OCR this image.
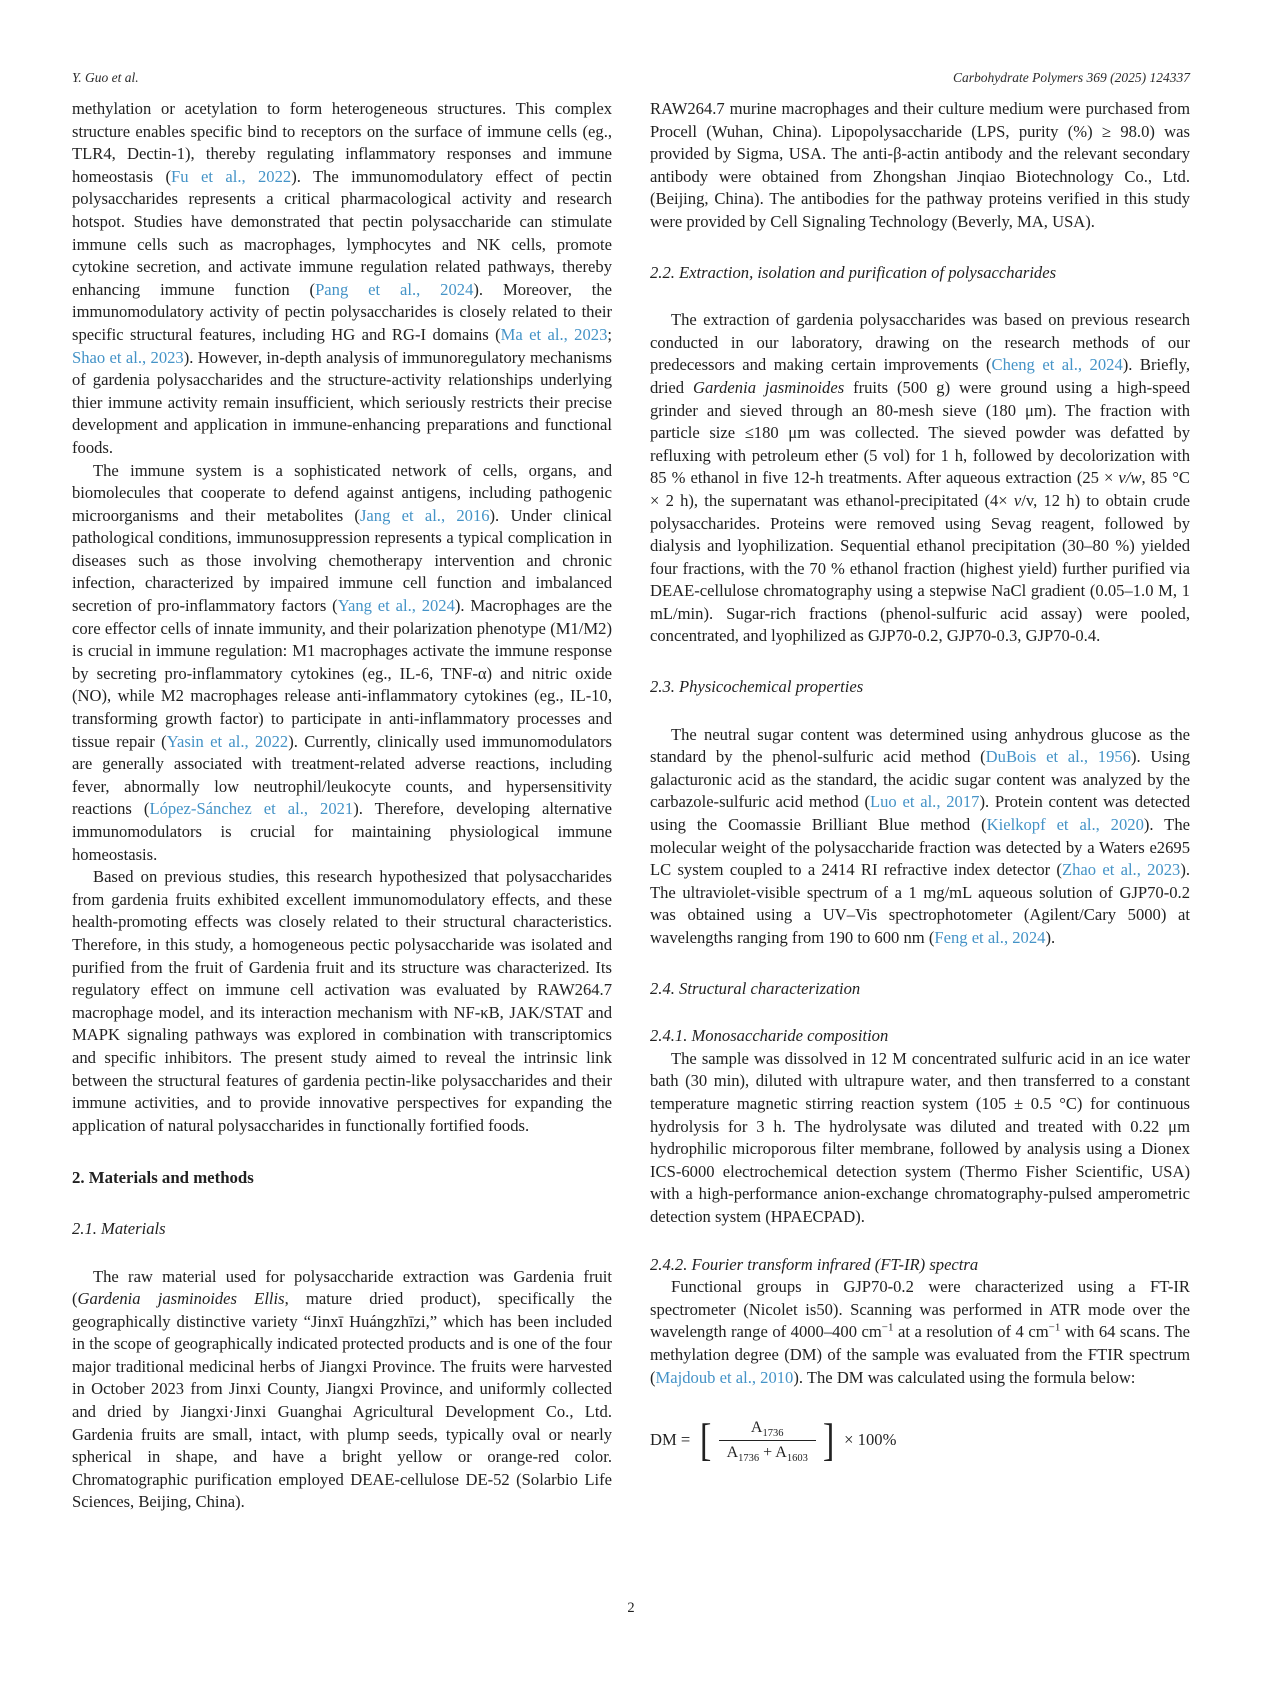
Y. Guo et al.	Carbohydrate Polymers 369 (2025) 124337

methylation or acetylation to form heterogeneous structures. This complex structure enables specific bind to receptors on the surface of immune cells (eg., TLR4, Dectin-1), thereby regulating inflammatory responses and immune homeostasis (Fu et al., 2022). The immunomodulatory effect of pectin polysaccharides represents a critical pharmacological activity and research hotspot. Studies have demonstrated that pectin polysaccharide can stimulate immune cells such as macrophages, lymphocytes and NK cells, promote cytokine secretion, and activate immune regulation related pathways, thereby enhancing immune function (Pang et al., 2024). Moreover, the immunomodulatory activity of pectin polysaccharides is closely related to their specific structural features, including HG and RG-I domains (Ma et al., 2023; Shao et al., 2023). However, in-depth analysis of immunoregulatory mechanisms of gardenia polysaccharides and the structure-activity relationships underlying thier immune activity remain insufficient, which seriously restricts their precise development and application in immune-enhancing preparations and functional foods.

The immune system is a sophisticated network of cells, organs, and biomolecules that cooperate to defend against antigens, including pathogenic microorganisms and their metabolites (Jang et al., 2016). Under clinical pathological conditions, immunosuppression represents a typical complication in diseases such as those involving chemotherapy intervention and chronic infection, characterized by impaired immune cell function and imbalanced secretion of pro-inflammatory factors (Yang et al., 2024). Macrophages are the core effector cells of innate immunity, and their polarization phenotype (M1/M2) is crucial in immune regulation: M1 macrophages activate the immune response by secreting pro-inflammatory cytokines (eg., IL-6, TNF-α) and nitric oxide (NO), while M2 macrophages release anti-inflammatory cytokines (eg., IL-10, transforming growth factor) to participate in anti-inflammatory processes and tissue repair (Yasin et al., 2022). Currently, clinically used immunomodulators are generally associated with treatment-related adverse reactions, including fever, abnormally low neutrophil/leukocyte counts, and hypersensitivity reactions (López-Sánchez et al., 2021). Therefore, developing alternative immunomodulators is crucial for maintaining physiological immune homeostasis.

Based on previous studies, this research hypothesized that polysaccharides from gardenia fruits exhibited excellent immunomodulatory effects, and these health-promoting effects was closely related to their structural characteristics. Therefore, in this study, a homogeneous pectic polysaccharide was isolated and purified from the fruit of Gardenia fruit and its structure was characterized. Its regulatory effect on immune cell activation was evaluated by RAW264.7 macrophage model, and its interaction mechanism with NF-κB, JAK/STAT and MAPK signaling pathways was explored in combination with transcriptomics and specific inhibitors. The present study aimed to reveal the intrinsic link between the structural features of gardenia pectin-like polysaccharides and their immune activities, and to provide innovative perspectives for expanding the application of natural polysaccharides in functionally fortified foods.

2. Materials and methods
2.1. Materials

The raw material used for polysaccharide extraction was Gardenia fruit (Gardenia jasminoides Ellis, mature dried product), specifically the geographically distinctive variety “Jinxī Huángzhīzi,” which has been included in the scope of geographically indicated protected products and is one of the four major traditional medicinal herbs of Jiangxi Province. The fruits were harvested in October 2023 from Jinxi County, Jiangxi Province, and uniformly collected and dried by Jiangxi·Jinxi Guanghai Agricultural Development Co., Ltd. Gardenia fruits are small, intact, with plump seeds, typically oval or nearly spherical in shape, and have a bright yellow or orange-red color. Chromatographic purification employed DEAE-cellulose DE-52 (Solarbio Life Sciences, Beijing, China).

RAW264.7 murine macrophages and their culture medium were purchased from Procell (Wuhan, China). Lipopolysaccharide (LPS, purity (%) ≥ 98.0) was provided by Sigma, USA. The anti-β-actin antibody and the relevant secondary antibody were obtained from Zhongshan Jinqiao Biotechnology Co., Ltd. (Beijing, China). The antibodies for the pathway proteins verified in this study were provided by Cell Signaling Technology (Beverly, MA, USA).

2.2. Extraction, isolation and purification of polysaccharides

The extraction of gardenia polysaccharides was based on previous research conducted in our laboratory, drawing on the research methods of our predecessors and making certain improvements (Cheng et al., 2024). Briefly, dried Gardenia jasminoides fruits (500 g) were ground using a high-speed grinder and sieved through an 80-mesh sieve (180 μm). The fraction with particle size ≤180 μm was collected. The sieved powder was defatted by refluxing with petroleum ether (5 vol) for 1 h, followed by decolorization with 85 % ethanol in five 12-h treatments. After aqueous extraction (25 × v/w, 85 °C × 2 h), the supernatant was ethanol-precipitated (4× v/v, 12 h) to obtain crude polysaccharides. Proteins were removed using Sevag reagent, followed by dialysis and lyophilization. Sequential ethanol precipitation (30–80 %) yielded four fractions, with the 70 % ethanol fraction (highest yield) further purified via DEAE-cellulose chromatography using a stepwise NaCl gradient (0.05–1.0 M, 1 mL/min). Sugar-rich fractions (phenol-sulfuric acid assay) were pooled, concentrated, and lyophilized as GJP70-0.2, GJP70-0.3, GJP70-0.4.

2.3. Physicochemical properties

The neutral sugar content was determined using anhydrous glucose as the standard by the phenol-sulfuric acid method (DuBois et al., 1956). Using galacturonic acid as the standard, the acidic sugar content was analyzed by the carbazole-sulfuric acid method (Luo et al., 2017). Protein content was detected using the Coomassie Brilliant Blue method (Kielkopf et al., 2020). The molecular weight of the polysaccharide fraction was detected by a Waters e2695 LC system coupled to a 2414 RI refractive index detector (Zhao et al., 2023). The ultraviolet-visible spectrum of a 1 mg/mL aqueous solution of GJP70-0.2 was obtained using a UV–Vis spectrophotometer (Agilent/Cary 5000) at wavelengths ranging from 190 to 600 nm (Feng et al., 2024).

2.4. Structural characterization
2.4.1. Monosaccharide composition

The sample was dissolved in 12 M concentrated sulfuric acid in an ice water bath (30 min), diluted with ultrapure water, and then transferred to a constant temperature magnetic stirring reaction system (105 ± 0.5 °C) for continuous hydrolysis for 3 h. The hydrolysate was diluted and treated with 0.22 μm hydrophilic microporous filter membrane, followed by analysis using a Dionex ICS-6000 electrochemical detection system (Thermo Fisher Scientific, USA) with a high-performance anion-exchange chromatography-pulsed amperometric detection system (HPAECPAD).

2.4.2. Fourier transform infrared (FT-IR) spectra

Functional groups in GJP70-0.2 were characterized using a FT-IR spectrometer (Nicolet is50). Scanning was performed in ATR mode over the wavelength range of 4000–400 $cm^{-1}$ at a resolution of 4 $cm^{-1}$ with 64 scans. The methylation degree (DM) of the sample was evaluated from the FTIR spectrum (Majdoub et al., 2010). The DM was calculated using the formula below:

DM = [ $\frac{A_{1736}}{A_{1736} + A_{1603}}$ ] × 100%
2
